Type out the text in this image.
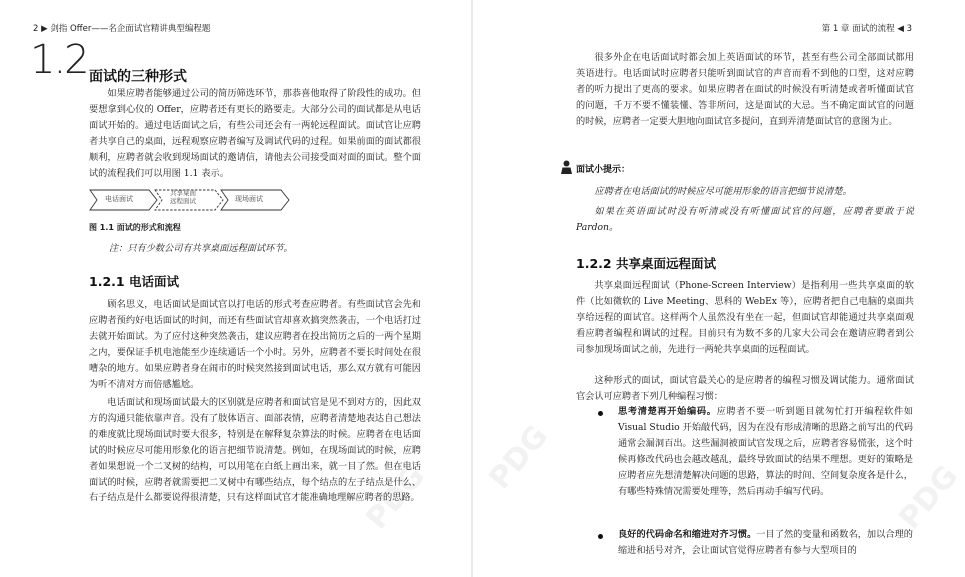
2 ▶ 剑指 Offer——名企面试官精讲典型编程题
1.2 面试的三种形式

如果应聘者能够通过公司的简历筛选环节，那恭喜他取得了阶段性的成功。但要想拿到心仪的 Offer，应聘者还有更长的路要走。大部分公司的面试都是从电话面试开始的。通过电话面试之后，有些公司还会有一两轮远程面试。面试官让应聘者共享自己的桌面，远程观察应聘者编写及调试代码的过程。如果前面的面试都很顺利，应聘者就会收到现场面试的邀请信，请他去公司接受面对面的面试。整个面试的流程我们可以用图 1.1 表示。

电话面试
共享桌面
远程面试	现场面试
图 1.1 面试的形式和流程
注：只有少数公司有共享桌面远程面试环节。
1.2.1 电话面试

顾名思义，电话面试是面试官以打电话的形式考查应聘者。有些面试官会先和应聘者预约好电话面试的时间，而还有些面试官却喜欢搞突然袭击，一个电话打过去就开始面试。为了应付这种突然袭击，建议应聘者在投出简历之后的一两个星期之内，要保证手机电池能至少连续通话一个小时。另外，应聘者不要长时间处在很嘈杂的地方。如果应聘者身在闹市的时候突然接到面试电话，那么双方就有可能因为听不清对方而倍感尴尬。

电话面试和现场面试最大的区别就是应聘者和面试官是见不到对方的，因此双方的沟通只能依靠声音。没有了肢体语言、面部表情，应聘者清楚地表达自己想法的难度就比现场面试时要大很多，特别是在解释复杂算法的时候。应聘者在电话面试的时候应尽可能用形象化的语言把细节说清楚。例如，在现场面试的时候，应聘者如果想说一个二叉树的结构，可以用笔在白纸上画出来，就一目了然。但在电话面试的时候，应聘者就需要把二叉树中有哪些结点，每个结点的左子结点是什么、右子结点是什么都要说得很清楚，只有这样面试官才能准确地理解应聘者的思路。

PDG
第 1 章 面试的流程 ◀ 3

很多外企在电话面试时都会加上英语面试的环节，甚至有些公司全部面试都用英语进行。电话面试时应聘者只能听到面试官的声音而看不到他的口型，这对应聘者的听力提出了更高的要求。如果应聘者在面试的时候没有听清楚或者听懂面试官的问题，千万不要不懂装懂、答非所问，这是面试的大忌。当不确定面试官的问题的时候，应聘者一定要大胆地向面试官多提问，直到弄清楚面试官的意图为止。

面试小提示：

应聘者在电话面试的时候应尽可能用形象的语言把细节说清楚。

如果在英语面试时没有听清或没有听懂面试官的问题，应聘者要敢于说 Pardon。

1.2.2 共享桌面远程面试

共享桌面远程面试（Phone-Screen Interview）是指利用一些共享桌面的软件（比如微软的 Live Meeting、思科的 WebEx 等），应聘者把自己电脑的桌面共享给远程的面试官。这样两个人虽然没有坐在一起，但面试官却能通过共享桌面观看应聘者编程和调试的过程。目前只有为数不多的几家大公司会在邀请应聘者到公司参加现场面试之前，先进行一两轮共享桌面的远程面试。

这种形式的面试，面试官最关心的是应聘者的编程习惯及调试能力。通常面试官会认可应聘者下列几种编程习惯：

思考清楚再开始编码。应聘者不要一听到题目就匆忙打开编程软件如 Visual Studio 开始敲代码，因为在没有形成清晰的思路之前写出的代码通常会漏洞百出。这些漏洞被面试官发现之后，应聘者容易慌张，这个时候再修改代码也会越改越乱，最终导致面试的结果不理想。更好的策略是应聘者应先想清楚解决问题的思路，算法的时间、空间复杂度各是什么，有哪些特殊情况需要处理等，然后再动手编写代码。

良好的代码命名和缩进对齐习惯。一目了然的变量和函数名，加以合理的缩进和括号对齐，会让面试官觉得应聘者有参与大型项目的

PDG
PDG
